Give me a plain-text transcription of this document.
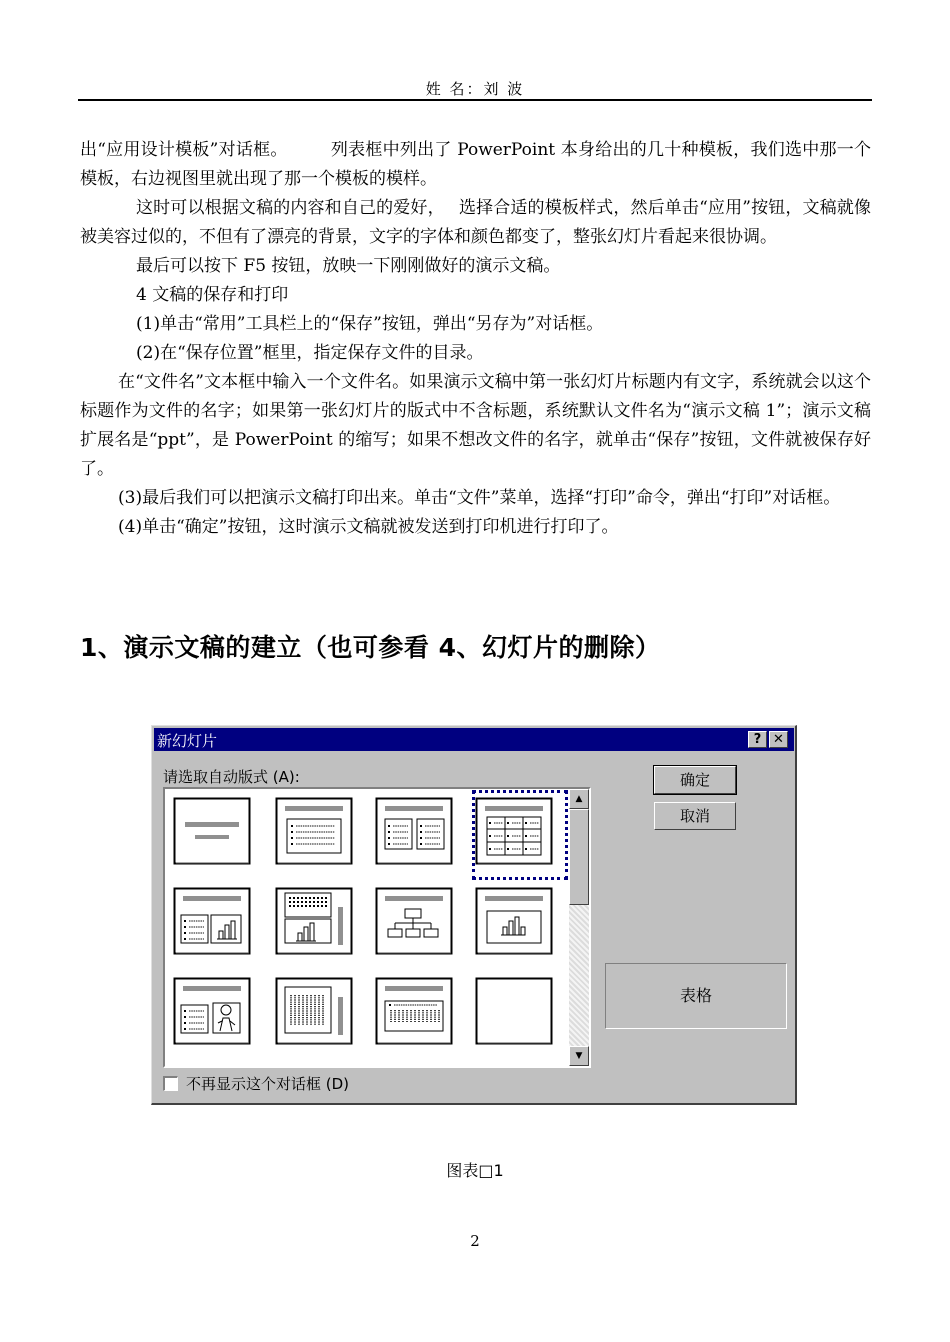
姓 名：刘 波

出“应用设计模板”对话框。　　　列表框中列出了 PowerPoint 本身给出的几十种模板，我们选中那一个模板，右边视图里就出现了那一个模板的模样。

这时可以根据文稿的内容和自己的爱好，　 选择合适的模板样式，然后单击“应用”按钮，文稿就像被美容过似的，不但有了漂亮的背景，文字的字体和颜色都变了，整张幻灯片看起来很协调。

最后可以按下 F5 按钮，放映一下刚刚做好的演示文稿。

4 文稿的保存和打印

(1)单击“常用”工具栏上的“保存”按钮，弹出“另存为”对话框。

(2)在“保存位置”框里，指定保存文件的目录。

在“文件名”文本框中输入一个文件名。如果演示文稿中第一张幻灯片标题内有文字，系统就会以这个标题作为文件的名字；如果第一张幻灯片的版式中不含标题，系统默认文件名为“演示文稿 1”；演示文稿扩展名是“ppt”，是 PowerPoint 的缩写；如果不想改文件的名字，就单击“保存”按钮，文件就被保存好了。

(3)最后我们可以把演示文稿打印出来。单击“文件”菜单，选择“打印”命令，弹出“打印”对话框。

(4)单击“确定”按钮，这时演示文稿就被发送到打印机进行打印了。

1、演示文稿的建立（也可参看 4、幻灯片的删除）
新幻灯片	? ✕
请选取自动版式 (A):
▲
▼
确定
取消
表格
不再显示这个对话框 (D)
图表□1
2
